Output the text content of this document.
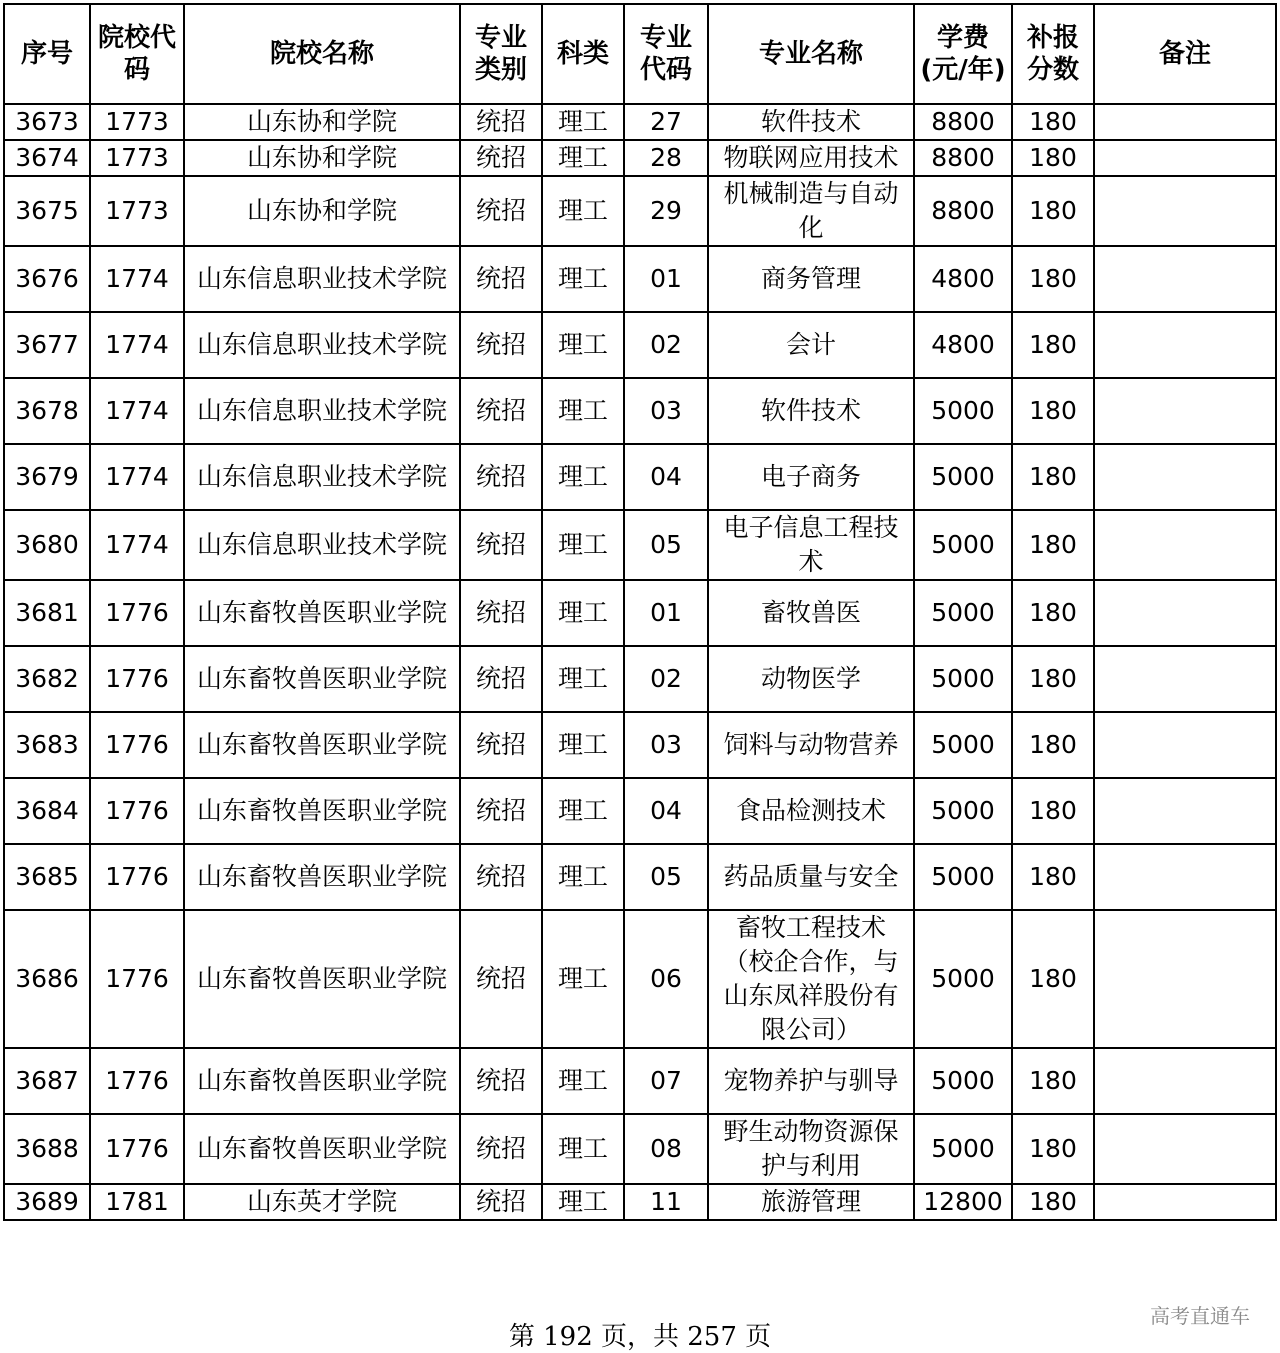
序号	院校代码	院校名称	专业类别	科类	专业代码	专业名称	学费(元/年)	补报分数	备注
3673	1773	山东协和学院	统招	理工	27	软件技术	8800	180	
3674	1773	山东协和学院	统招	理工	28	物联网应用技术	8800	180	
3675	1773	山东协和学院	统招	理工	29	机械制造与自动化	8800	180	
3676	1774	山东信息职业技术学院	统招	理工	01	商务管理	4800	180	
3677	1774	山东信息职业技术学院	统招	理工	02	会计	4800	180	
3678	1774	山东信息职业技术学院	统招	理工	03	软件技术	5000	180	
3679	1774	山东信息职业技术学院	统招	理工	04	电子商务	5000	180	
3680	1774	山东信息职业技术学院	统招	理工	05	电子信息工程技术	5000	180	
3681	1776	山东畜牧兽医职业学院	统招	理工	01	畜牧兽医	5000	180	
3682	1776	山东畜牧兽医职业学院	统招	理工	02	动物医学	5000	180	
3683	1776	山东畜牧兽医职业学院	统招	理工	03	饲料与动物营养	5000	180	
3684	1776	山东畜牧兽医职业学院	统招	理工	04	食品检测技术	5000	180	
3685	1776	山东畜牧兽医职业学院	统招	理工	05	药品质量与安全	5000	180	
3686	1776	山东畜牧兽医职业学院	统招	理工	06	畜牧工程技术（校企合作，与山东凤祥股份有限公司）	5000	180	
3687	1776	山东畜牧兽医职业学院	统招	理工	07	宠物养护与驯导	5000	180	
3688	1776	山东畜牧兽医职业学院	统招	理工	08	野生动物资源保护与利用	5000	180	
3689	1781	山东英才学院	统招	理工	11	旅游管理	12800	180	
第 192 页，共 257 页
高考直通车
